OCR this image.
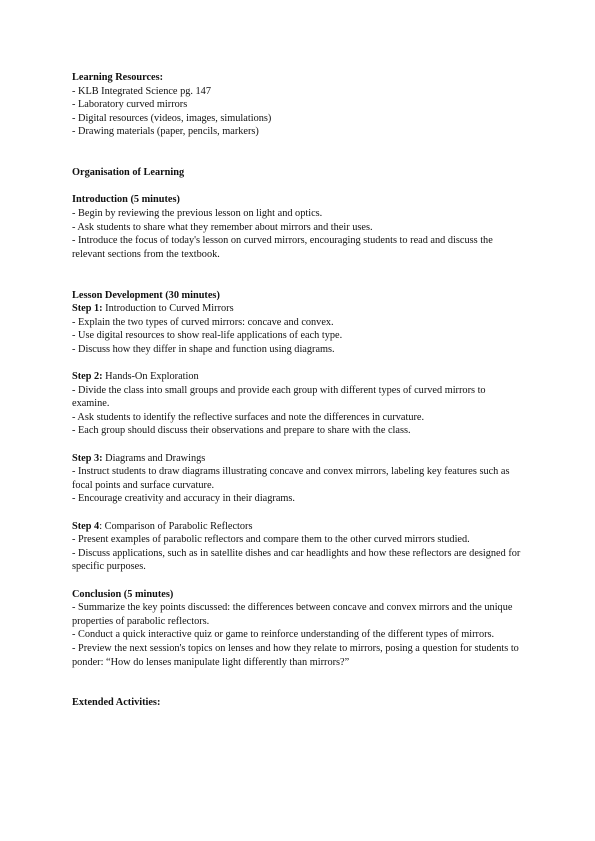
Learning Resources:
- KLB Integrated Science pg. 147
- Laboratory curved mirrors
- Digital resources (videos, images, simulations)
- Drawing materials (paper, pencils, markers)
Organisation of Learning
Introduction (5 minutes)
- Begin by reviewing the previous lesson on light and optics.
- Ask students to share what they remember about mirrors and their uses.
- Introduce the focus of today's lesson on curved mirrors, encouraging students to read and discuss the relevant sections from the textbook.
Lesson Development (30 minutes)
Step 1: Introduction to Curved Mirrors
- Explain the two types of curved mirrors: concave and convex.
- Use digital resources to show real-life applications of each type.
- Discuss how they differ in shape and function using diagrams.
Step 2: Hands-On Exploration
- Divide the class into small groups and provide each group with different types of curved mirrors to examine.
- Ask students to identify the reflective surfaces and note the differences in curvature.
- Each group should discuss their observations and prepare to share with the class.
Step 3: Diagrams and Drawings
- Instruct students to draw diagrams illustrating concave and convex mirrors, labeling key features such as focal points and surface curvature.
- Encourage creativity and accuracy in their diagrams.
Step 4: Comparison of Parabolic Reflectors
- Present examples of parabolic reflectors and compare them to the other curved mirrors studied.
- Discuss applications, such as in satellite dishes and car headlights and how these reflectors are designed for specific purposes.
Conclusion (5 minutes)
- Summarize the key points discussed: the differences between concave and convex mirrors and the unique properties of parabolic reflectors.
- Conduct a quick interactive quiz or game to reinforce understanding of the different types of mirrors.
- Preview the next session's topics on lenses and how they relate to mirrors, posing a question for students to ponder: “How do lenses manipulate light differently than mirrors?”
Extended Activities:
